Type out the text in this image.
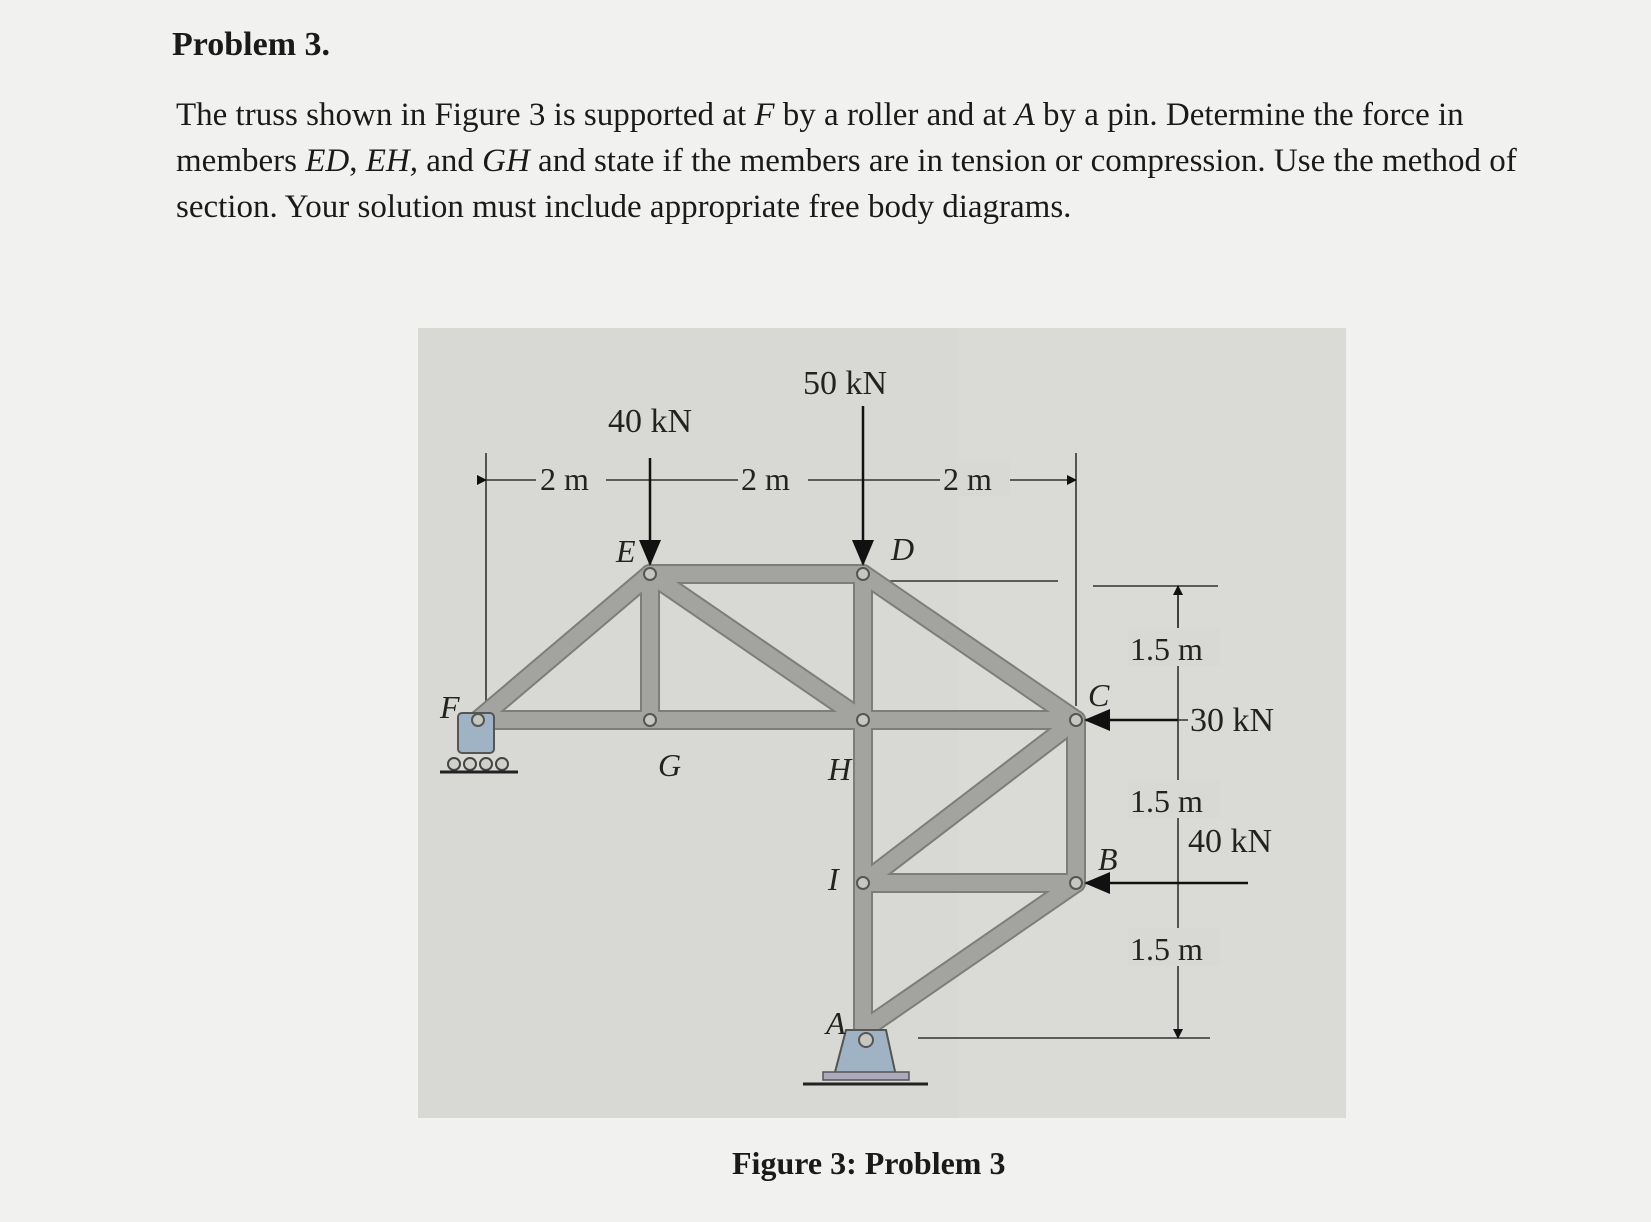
Problem 3.

The truss shown in Figure 3 is supported at F by a roller and at A by a pin. Determine the force in members ED, EH, and GH and state if the members are in tension or compression. Use the method of section. Your solution must include appropriate free body diagrams.

40 kN
50 kN
30 kN
40 kN
2 m	2 m	2 m
1.5 m
1.5 m
1.5 m
E	D
F
G	H
C
B
I
A

Figure 3: Problem 3
